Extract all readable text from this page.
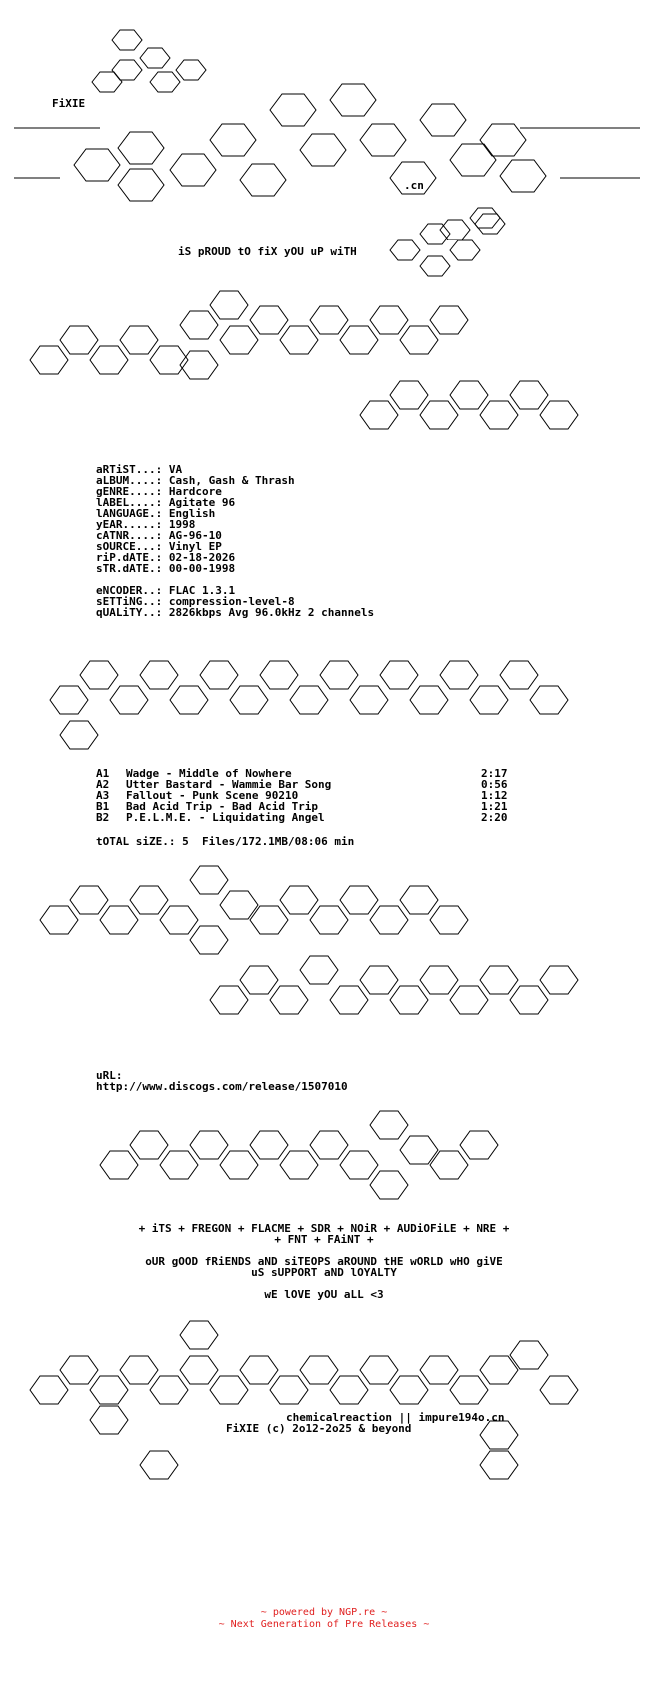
FiXIE
.cn
iS pROUD tO fiX yOU uP wiTH
aRTiST...: VA
aLBUM....: Cash, Gash & Thrash
gENRE....: Hardcore
lABEL....: Agitate 96
lANGUAGE.: English
yEAR.....: 1998
cATNR....: AG-96-10
sOURCE...: Vinyl EP
riP.dATE.: 02-18-2026
sTR.dATE.: 00-00-1998
eNCODER..: FLAC 1.3.1
sETTiNG..: compression-level-8
qUALiTY..: 2826kbps Avg 96.0kHz 2 channels
A1 Wadge - Middle of Nowhere	2:17
A2 Utter Bastard - Wammie Bar Song	0:56
A3 Fallout - Punk Scene 90210	1:12
B1 Bad Acid Trip - Bad Acid Trip	1:21
B2 P.E.L.M.E. - Liquidating Angel	2:20
tOTAL siZE.: 5  Files/172.1MB/08:06 min
uRL:
http://www.discogs.com/release/1507010
+ iTS + FREGON + FLACME + SDR + NOiR + AUDiOFiLE + NRE +
+ FNT + FAiNT +
oUR gOOD fRiENDS aND siTEOPS aROUND tHE wORLD wHO giVE
uS sUPPORT aND lOYALTY
wE lOVE yOU aLL <3
chemicalreaction || impure194o.cn
FiXIE (c) 2o12-2o25 & beyond
~ powered by NGP.re ~
~ Next Generation of Pre Releases ~
